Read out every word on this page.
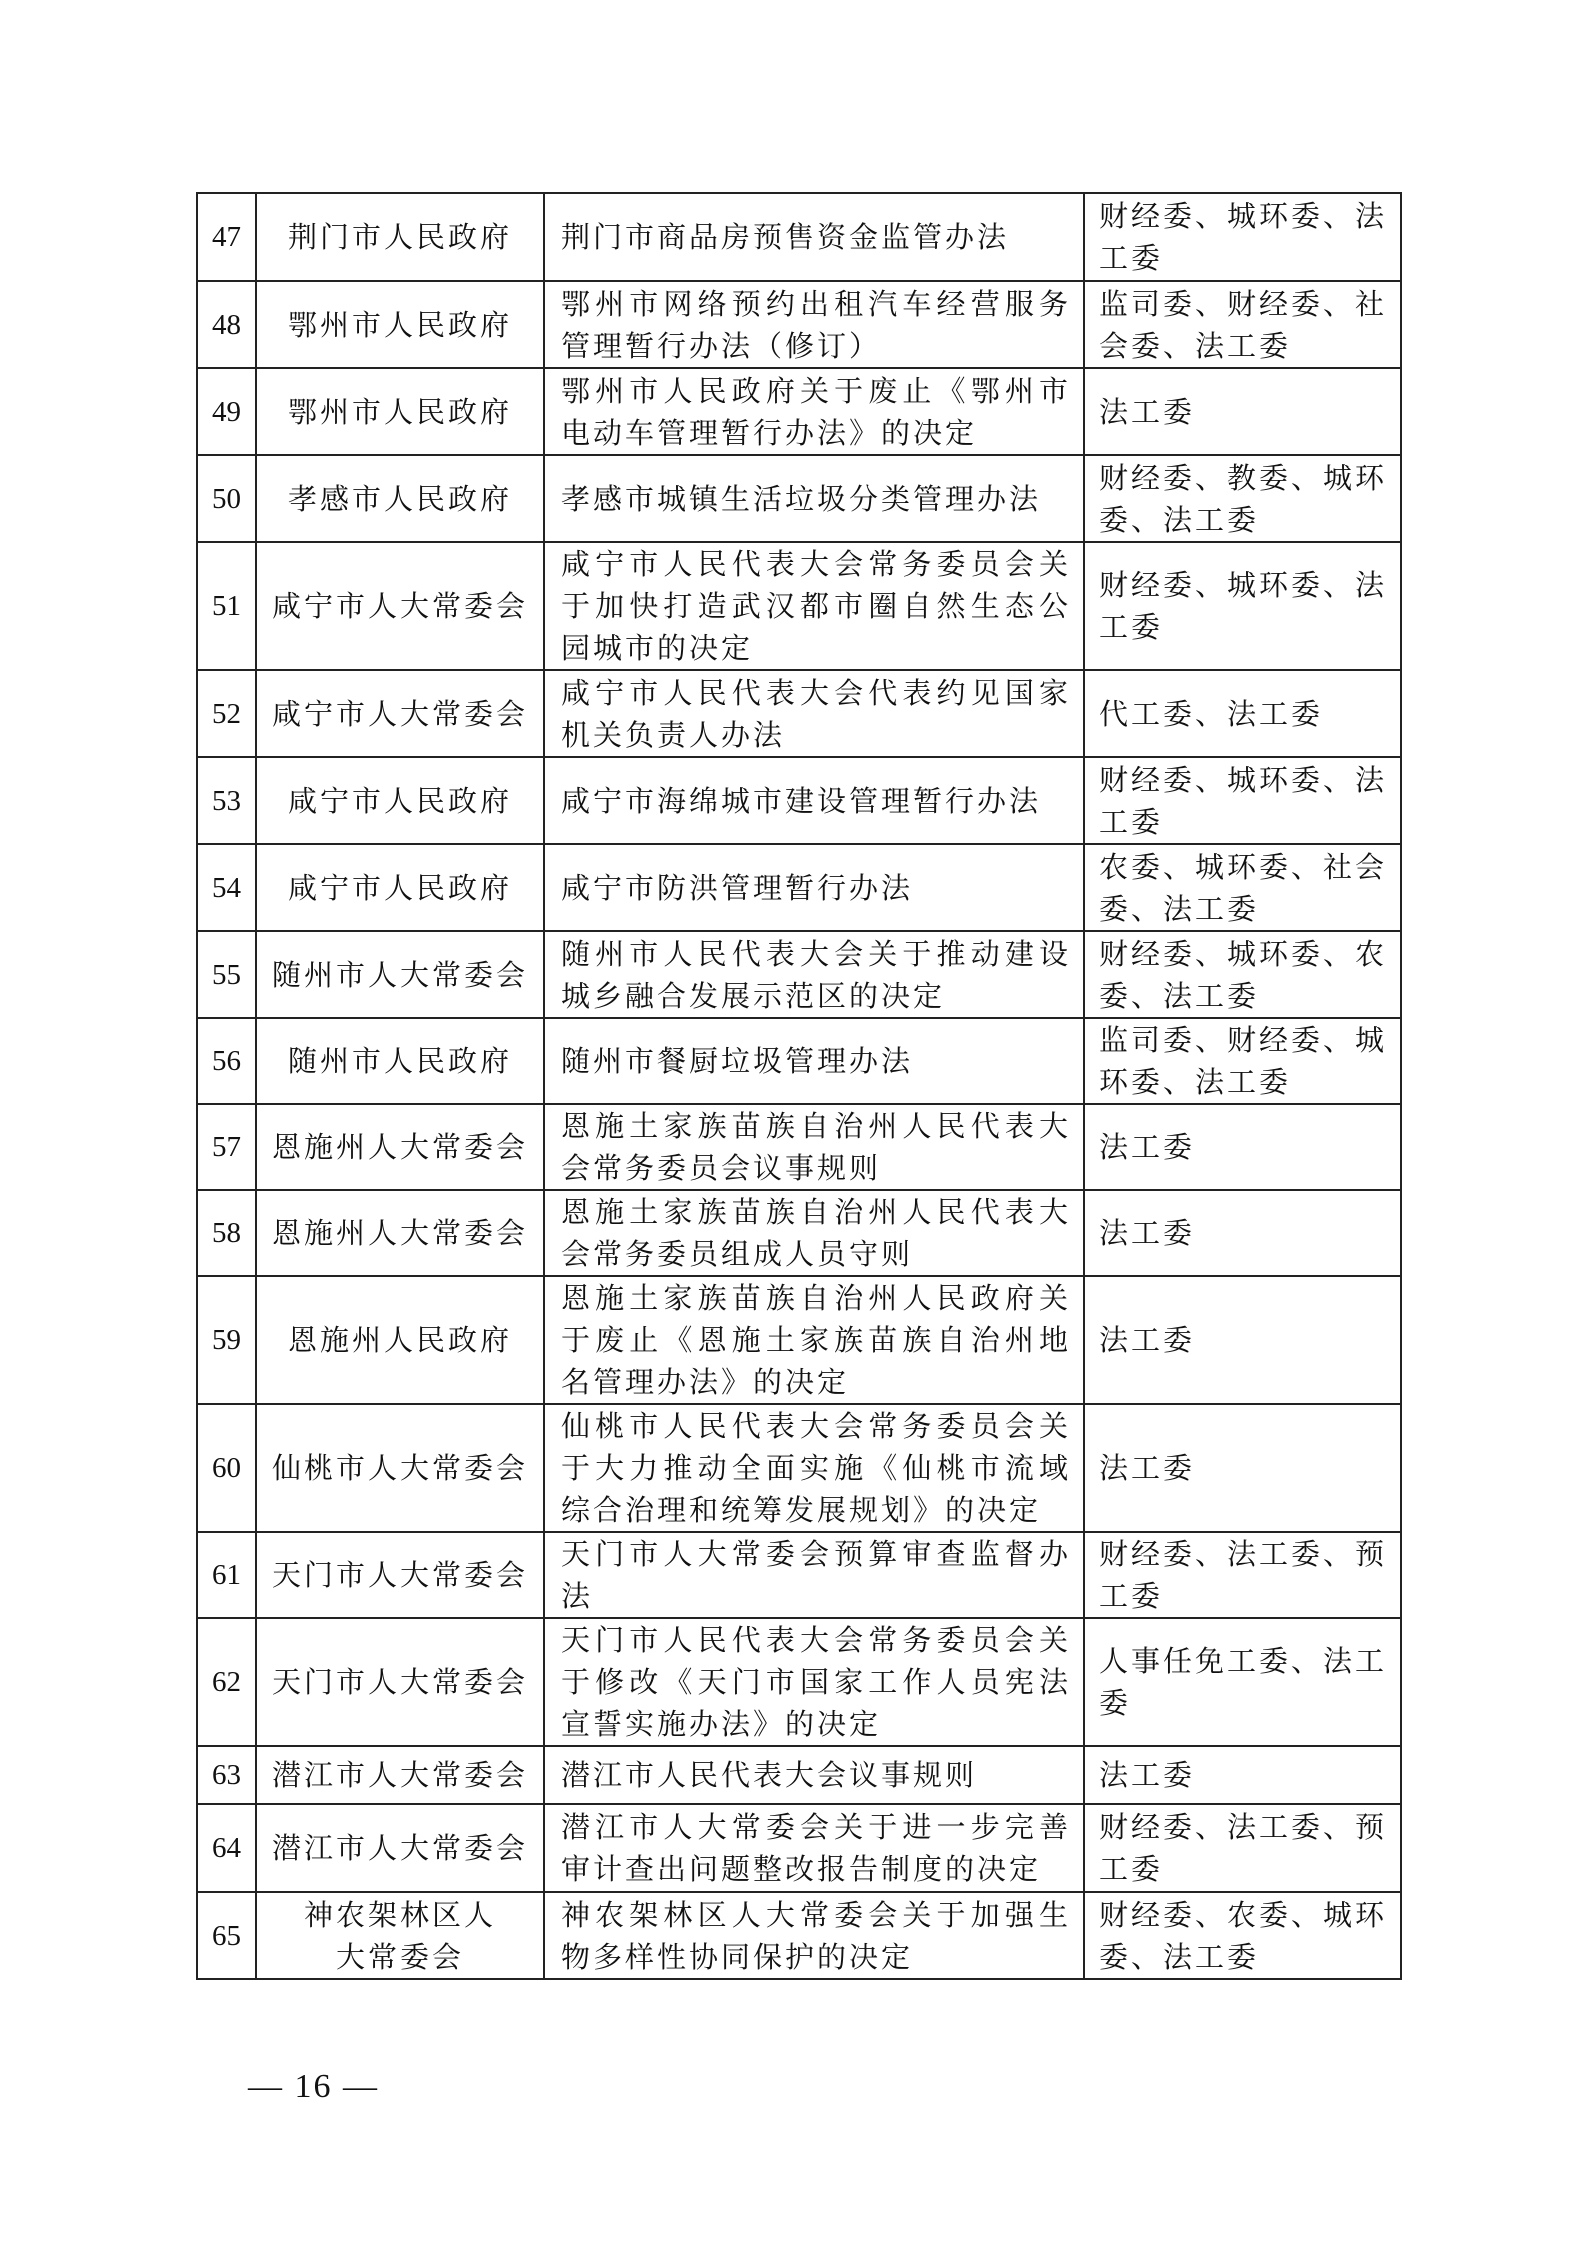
47	荆门市人民政府	荆门市商品房预售资金监管办法	财经委、城环委、法工委
48	鄂州市人民政府	鄂州市网络预约出租汽车经营服务管理暂行办法（修订）	监司委、财经委、社会委、法工委
49	鄂州市人民政府	鄂州市人民政府关于废止《鄂州市电动车管理暂行办法》的决定	法工委
50	孝感市人民政府	孝感市城镇生活垃圾分类管理办法	财经委、教委、城环委、法工委
51	咸宁市人大常委会	咸宁市人民代表大会常务委员会关于加快打造武汉都市圈自然生态公园城市的决定	财经委、城环委、法工委
52	咸宁市人大常委会	咸宁市人民代表大会代表约见国家机关负责人办法	代工委、法工委
53	咸宁市人民政府	咸宁市海绵城市建设管理暂行办法	财经委、城环委、法工委
54	咸宁市人民政府	咸宁市防洪管理暂行办法	农委、城环委、社会委、法工委
55	随州市人大常委会	随州市人民代表大会关于推动建设城乡融合发展示范区的决定	财经委、城环委、农委、法工委
56	随州市人民政府	随州市餐厨垃圾管理办法	监司委、财经委、城环委、法工委
57	恩施州人大常委会	恩施土家族苗族自治州人民代表大会常务委员会议事规则	法工委
58	恩施州人大常委会	恩施土家族苗族自治州人民代表大会常务委员组成人员守则	法工委
59	恩施州人民政府	恩施土家族苗族自治州人民政府关于废止《恩施土家族苗族自治州地名管理办法》的决定	法工委
60	仙桃市人大常委会	仙桃市人民代表大会常务委员会关于大力推动全面实施《仙桃市流域综合治理和统筹发展规划》的决定	法工委
61	天门市人大常委会	天门市人大常委会预算审查监督办法	财经委、法工委、预工委
62	天门市人大常委会	天门市人民代表大会常务委员会关于修改《天门市国家工作人员宪法宣誓实施办法》的决定	人事任免工委、法工委
63	潜江市人大常委会	潜江市人民代表大会议事规则	法工委
64	潜江市人大常委会	潜江市人大常委会关于进一步完善审计查出问题整改报告制度的决定	财经委、法工委、预工委
65	神农架林区人大常委会	神农架林区人大常委会关于加强生物多样性协同保护的决定	财经委、农委、城环委、法工委
— 16 —
